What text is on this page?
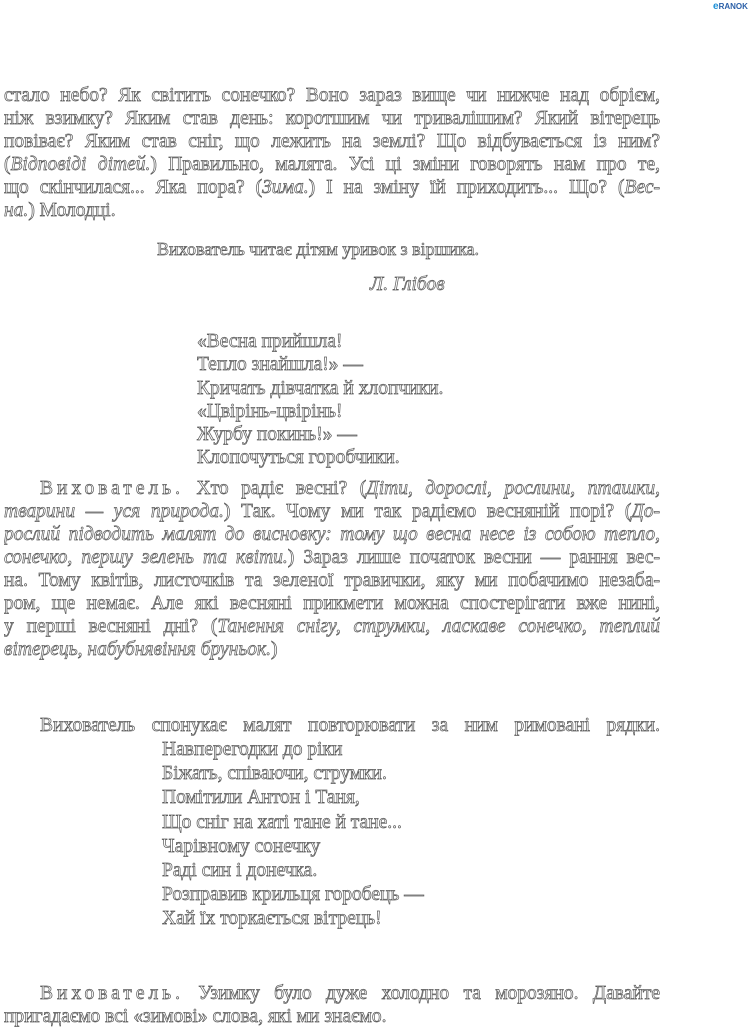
eRANOK
стало небо? Як світить сонечко? Воно зараз вище чи нижче над обрієм,
ніж взимку? Яким став день: коротшим чи тривалішим? Який вітерець
повіває? Яким став сніг, що лежить на землі? Що відбувається із ним?
(Відповіді дітей.) Правильно, малята. Усі ці зміни говорять нам про те,
що скінчилася... Яка пора? (Зима.) І на зміну їй приходить... Що? (Вес-
на.) Молодці.
Вихователь читає дітям уривок з віршика.
Л. Глібов
«Весна прийшла!
Тепло знайшла!» —
Кричать дівчатка й хлопчики.
«Цвірінь-цвірінь!
Журбу покинь!» —
Клопочуться горобчики.
Вихователь. Хто радіє весні? (Діти, дорослі, рослини, пташки,
тварини — уся природа.) Так. Чому ми так радіємо весняній порі? (До-
рослий підводить малят до висновку: тому що весна несе із собою тепло,
сонечко, першу зелень та квіти.) Зараз лише початок весни — рання вес-
на. Тому квітів, листочків та зеленої травички, яку ми побачимо незаба-
ром, ще немає. Але які весняні прикмети можна спостерігати вже нині,
у перші весняні дні? (Танення снігу, струмки, ласкаве сонечко, теплий
вітерець, набубнявіння бруньок.)
Вихователь спонукає малят повторювати за ним римовані рядки.
Навперегодки до ріки
Біжать, співаючи, струмки.
Помітили Антон і Таня,
Що сніг на хаті тане й тане...
Чарівному сонечку
Раді син і донечка.
Розправив крильця горобець —
Хай їх торкається вітрець!
Вихователь. Узимку було дуже холодно та морозяно. Давайте
пригадаємо всі «зимові» слова, які ми знаємо.
